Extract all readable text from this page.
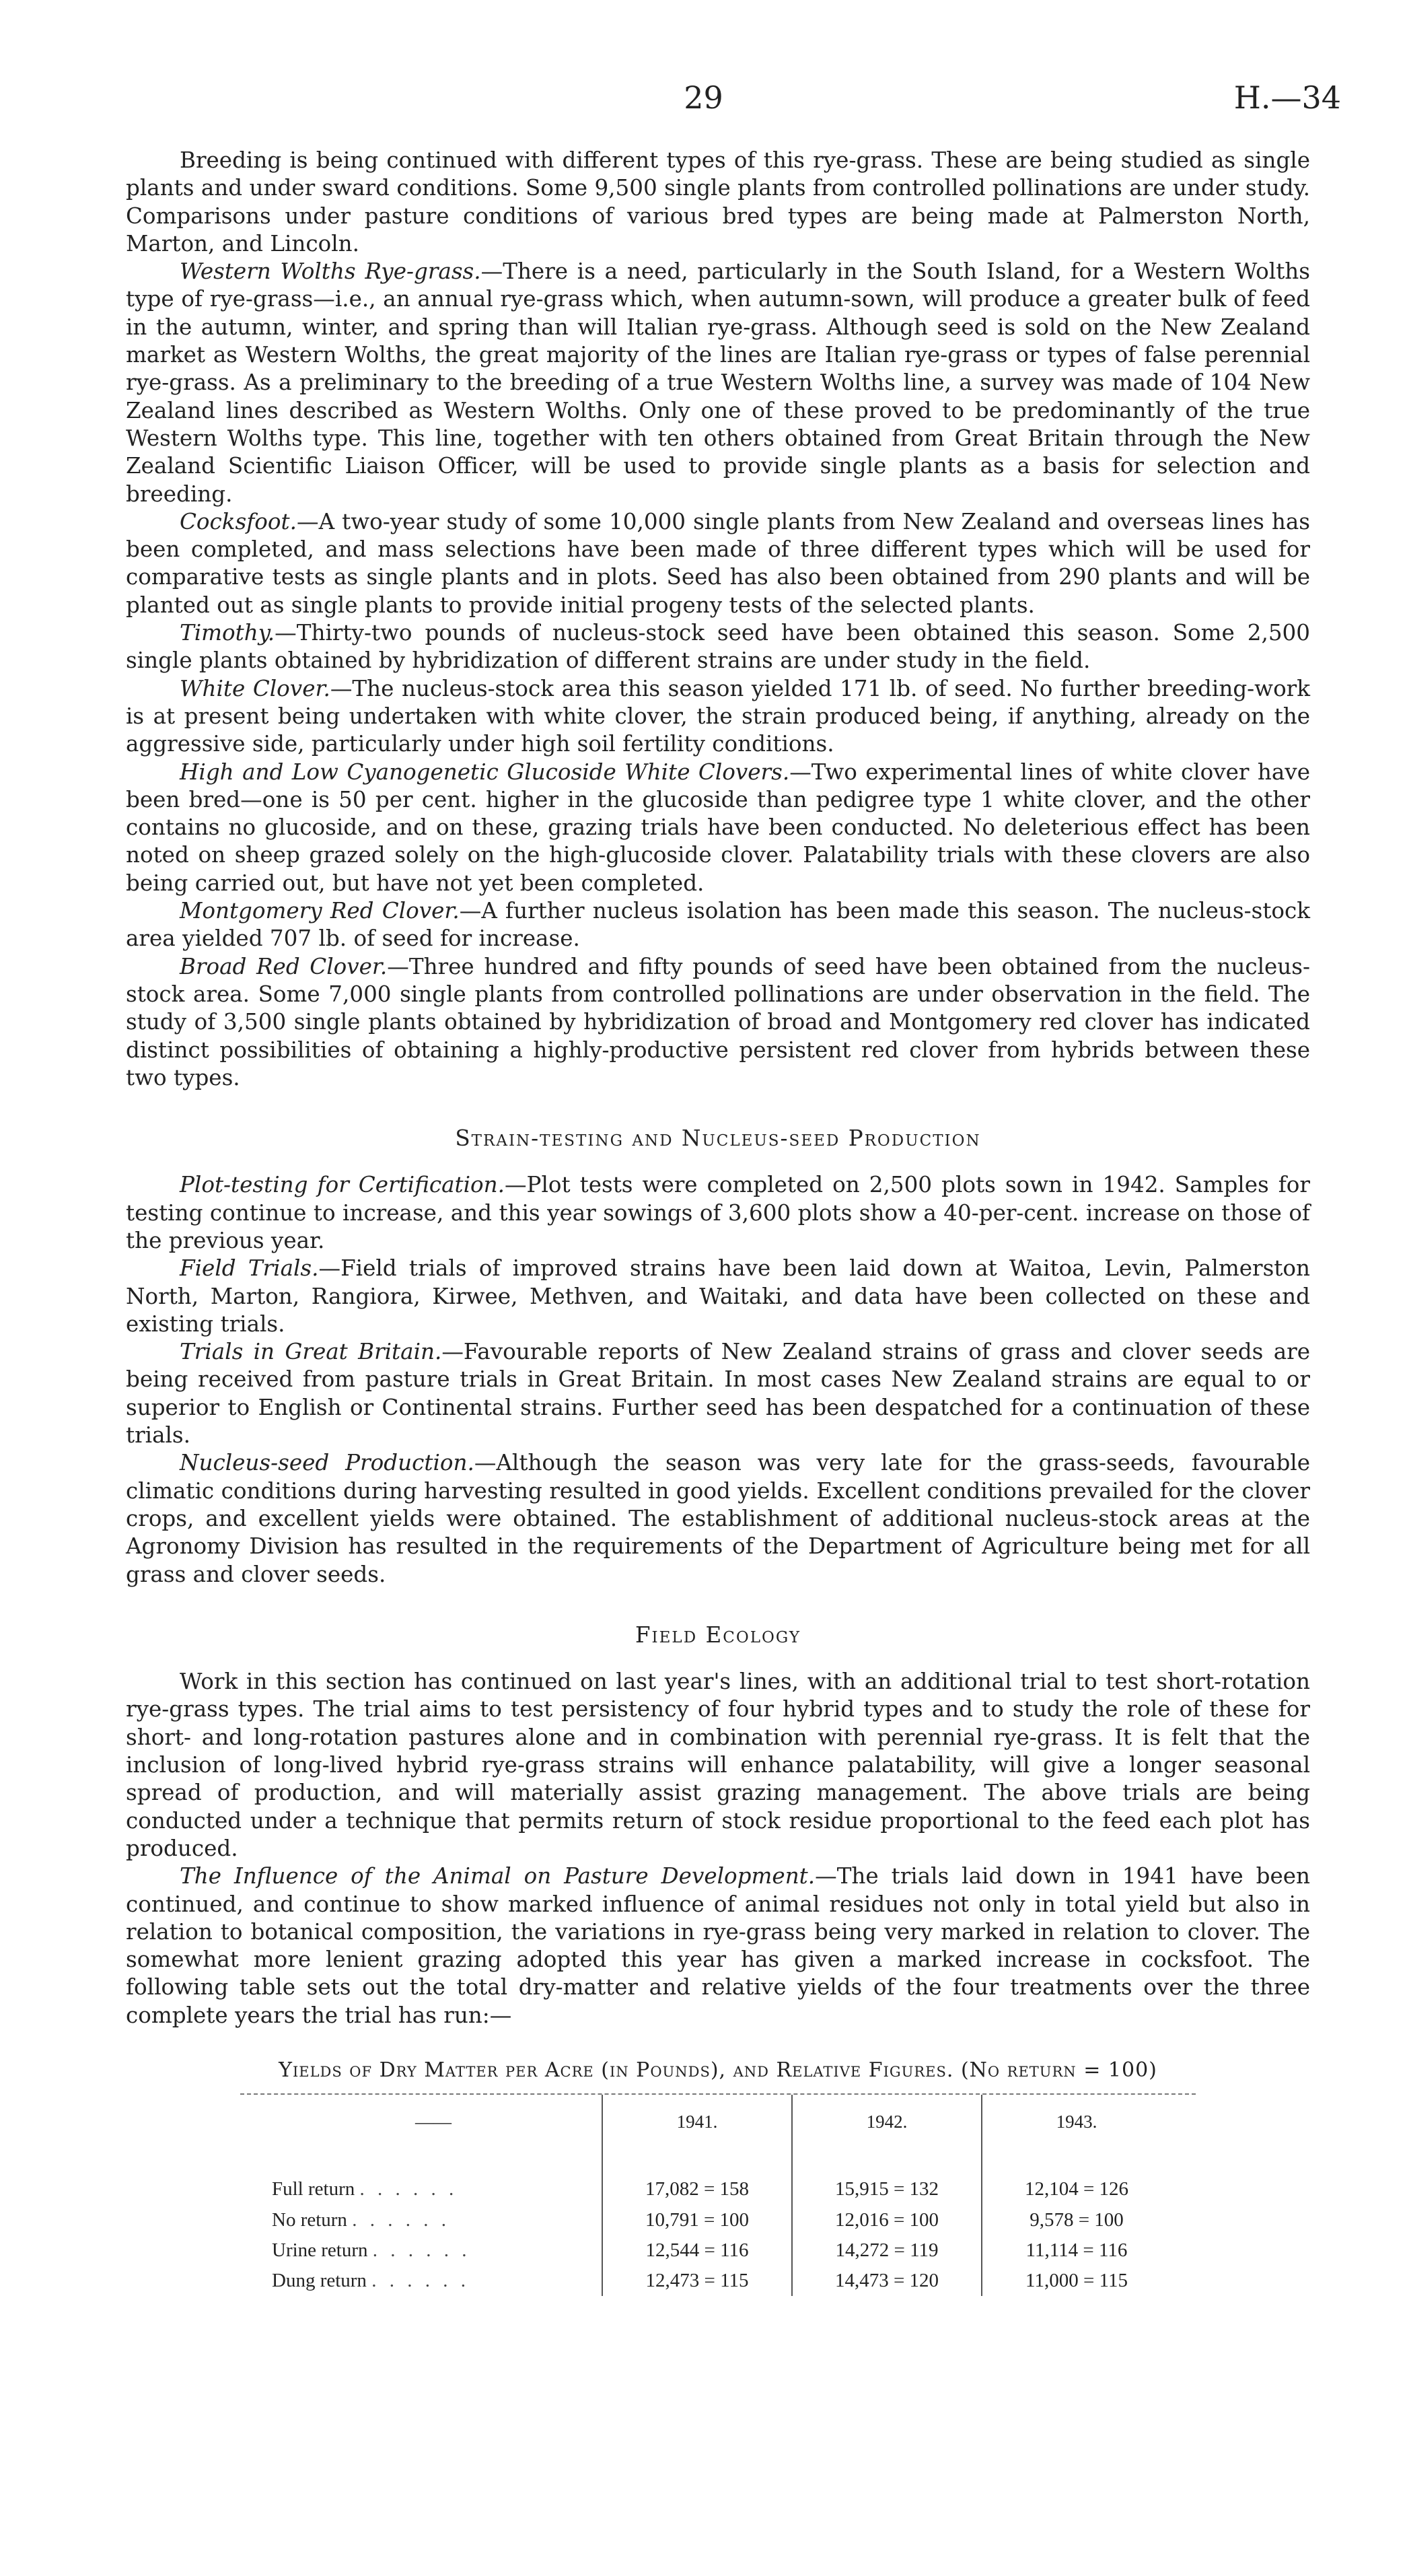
29	H.—34

Breeding is being continued with different types of this rye-grass. These are being studied as single plants and under sward conditions. Some 9,500 single plants from controlled pollinations are under study. Comparisons under pasture conditions of various bred types are being made at Palmerston North, Marton, and Lincoln.

Western Wolths Rye-grass.—There is a need, particularly in the South Island, for a Western Wolths type of rye-grass—i.e., an annual rye-grass which, when autumn-sown, will produce a greater bulk of feed in the autumn, winter, and spring than will Italian rye-grass. Although seed is sold on the New Zealand market as Western Wolths, the great majority of the lines are Italian rye-grass or types of false perennial rye-grass. As a preliminary to the breeding of a true Western Wolths line, a survey was made of 104 New Zealand lines described as Western Wolths. Only one of these proved to be predominantly of the true Western Wolths type. This line, together with ten others obtained from Great Britain through the New Zealand Scientific Liaison Officer, will be used to provide single plants as a basis for selection and breeding.

Cocksfoot.—A two-year study of some 10,000 single plants from New Zealand and overseas lines has been completed, and mass selections have been made of three different types which will be used for comparative tests as single plants and in plots. Seed has also been obtained from 290 plants and will be planted out as single plants to provide initial progeny tests of the selected plants.

Timothy.—Thirty-two pounds of nucleus-stock seed have been obtained this season. Some 2,500 single plants obtained by hybridization of different strains are under study in the field.

White Clover.—The nucleus-stock area this season yielded 171 lb. of seed. No further breeding-work is at present being undertaken with white clover, the strain produced being, if anything, already on the aggressive side, particularly under high soil fertility conditions.

High and Low Cyanogenetic Glucoside White Clovers.—Two experimental lines of white clover have been bred—one is 50 per cent. higher in the glucoside than pedigree type 1 white clover, and the other contains no glucoside, and on these, grazing trials have been conducted. No deleterious effect has been noted on sheep grazed solely on the high-glucoside clover. Palatability trials with these clovers are also being carried out, but have not yet been completed.

Montgomery Red Clover.—A further nucleus isolation has been made this season. The nucleus-stock area yielded 707 lb. of seed for increase.

Broad Red Clover.—Three hundred and fifty pounds of seed have been obtained from the nucleus-stock area. Some 7,000 single plants from controlled pollinations are under observation in the field. The study of 3,500 single plants obtained by hybridization of broad and Montgomery red clover has indicated distinct possibilities of obtaining a highly-productive persistent red clover from hybrids between these two types.

Strain-testing and Nucleus-seed Production

Plot-testing for Certification.—Plot tests were completed on 2,500 plots sown in 1942. Samples for testing continue to increase, and this year sowings of 3,600 plots show a 40-per-cent. increase on those of the previous year.

Field Trials.—Field trials of improved strains have been laid down at Waitoa, Levin, Palmerston North, Marton, Rangiora, Kirwee, Methven, and Waitaki, and data have been collected on these and existing trials.

Trials in Great Britain.—Favourable reports of New Zealand strains of grass and clover seeds are being received from pasture trials in Great Britain. In most cases New Zealand strains are equal to or superior to English or Continental strains. Further seed has been despatched for a continuation of these trials.

Nucleus-seed Production.—Although the season was very late for the grass-seeds, favourable climatic conditions during harvesting resulted in good yields. Excellent conditions prevailed for the clover crops, and excellent yields were obtained. The establishment of additional nucleus-stock areas at the Agronomy Division has resulted in the requirements of the Department of Agriculture being met for all grass and clover seeds.

Field Ecology

Work in this section has continued on last year's lines, with an additional trial to test short-rotation rye-grass types. The trial aims to test persistency of four hybrid types and to study the role of these for short- and long-rotation pastures alone and in combination with perennial rye-grass. It is felt that the inclusion of long-lived hybrid rye-grass strains will enhance palatability, will give a longer seasonal spread of production, and will materially assist grazing management. The above trials are being conducted under a technique that permits return of stock residue proportional to the feed each plot has produced.

The Influence of the Animal on Pasture Development.—The trials laid down in 1941 have been continued, and continue to show marked influence of animal residues not only in total yield but also in relation to botanical composition, the variations in rye-grass being very marked in relation to clover. The somewhat more lenient grazing adopted this year has given a marked increase in cocksfoot. The following table sets out the total dry-matter and relative yields of the four treatments over the three complete years the trial has run:—

Yields of Dry Matter per Acre (in Pounds), and Relative Figures. (No return = 100)
——	1941.	1942.	1943.
Full return . . . . . .	17,082 = 158	15,915 = 132	12,104 = 126
No return . . . . . .	10,791 = 100	12,016 = 100	9,578 = 100
Urine return . . . . . .	12,544 = 116	14,272 = 119	11,114 = 116
Dung return . . . . . .	12,473 = 115	14,473 = 120	11,000 = 115
